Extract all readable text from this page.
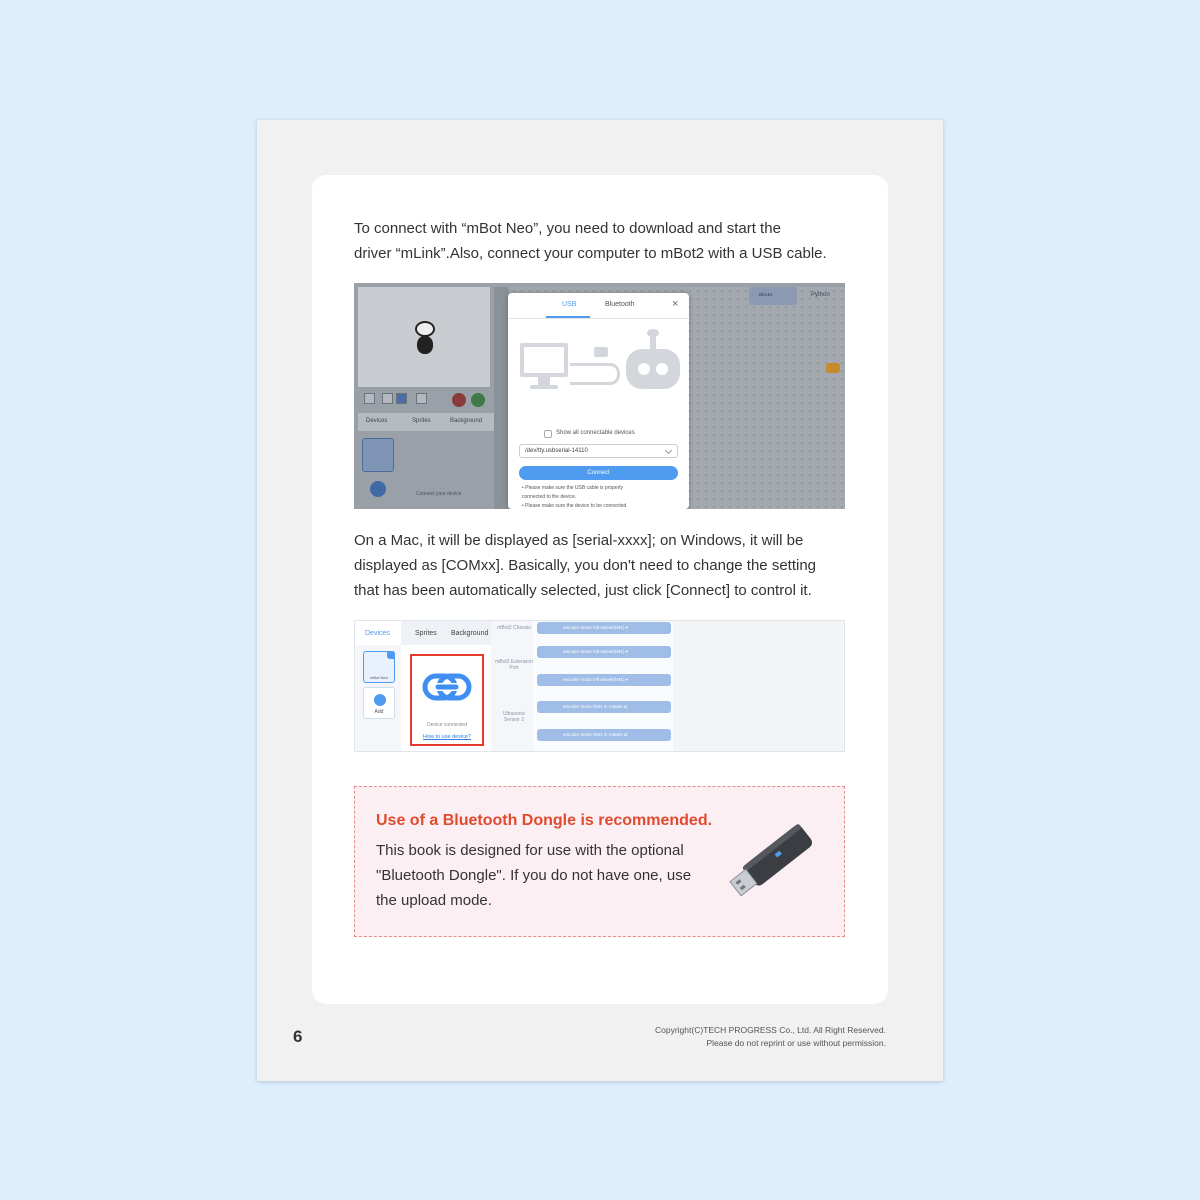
To connect with “mBot Neo”, you need to download and start the
driver “mLink”.Also, connect your computer to mBot2 with a USB cable.

Devices	Sprites	Background
Connect your device
Blocks	Python
USB	Bluetooth	×
Show all connectable devices
/dev/tty.usbserial-14110
Connect
• Please make sure the USB cable is properly
connected to the device.
• Please make sure the device to be connected

On a Mac, it will be displayed as [serial-xxxx]; on Windows, it will be
displayed as [COMxx]. Basically, you don't need to change the setting
that has been automatically selected, just click [Connect] to control it.

Devices	Sprites Background
mBot Neo
Add
Device connected
How to use device?
mBot2 Chassis
mBot2 Extension Port
Ultrasonic Sensor 2
encoder motor left wheel(EM1) ▾
encoder motor left wheel(EM1) ▾
encoder motor left wheel(EM1) ▾
encoder motor EM1 ↻ rotates at
encoder motor EM1 ↻ rotates at
Use of a Bluetooth Dongle is recommended.

This book is designed for use with the optional
"Bluetooth Dongle". If you do not have one, use
the upload mode.

6	Copyright(C)TECH PROGRESS Co., Ltd. All Right Reserved.
Please do not reprint or use without permission.
